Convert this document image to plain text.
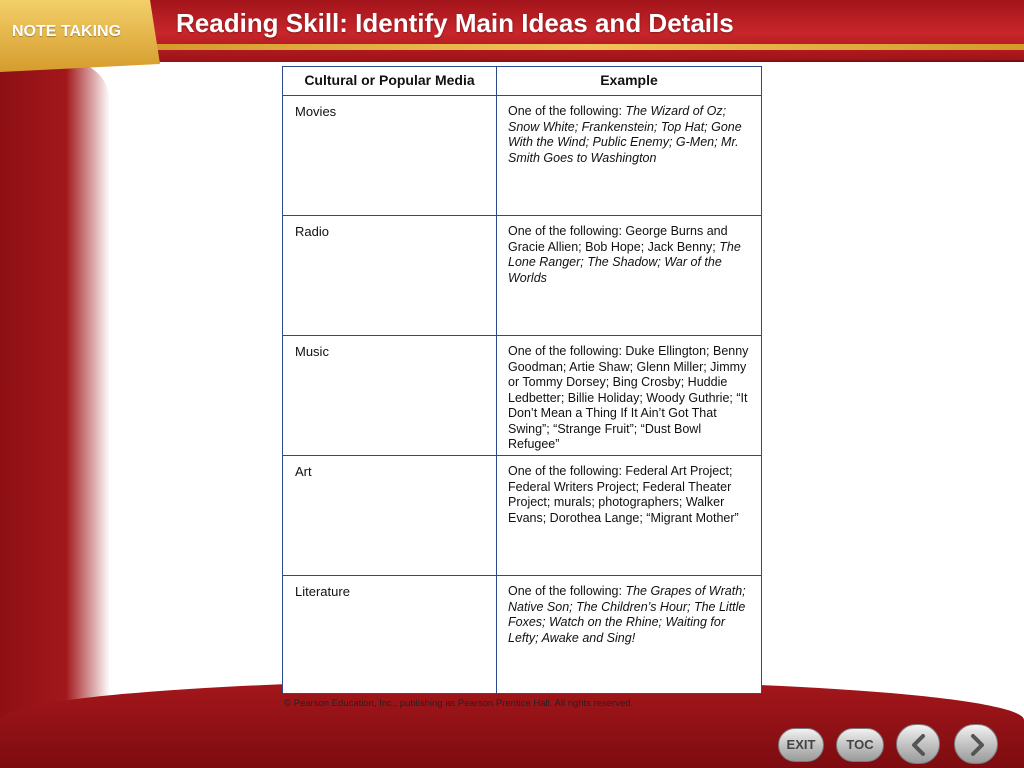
NOTE TAKING Reading Skill: Identify Main Ideas and Details
Cultural or Popular Media	Example
Movies	One of the following: The Wizard of Oz; Snow White; Frankenstein; Top Hat; Gone With the Wind; Public Enemy; G-Men; Mr. Smith Goes to Washington
Radio	One of the following: George Burns and Gracie Allien; Bob Hope; Jack Benny; The Lone Ranger; The Shadow; War of the Worlds
Music	One of the following: Duke Ellington; Benny Goodman; Artie Shaw; Glenn Miller; Jimmy or Tommy Dorsey; Bing Crosby; Huddie Ledbetter; Billie Holiday; Woody Guthrie; “It Don’t Mean a Thing If It Ain’t Got That Swing”; “Strange Fruit”; “Dust Bowl Refugee”
Art	One of the following: Federal Art Project; Federal Writers Project; Federal Theater Project; murals; photographers; Walker Evans; Dorothea Lange; “Migrant Mother”
Literature	One of the following: The Grapes of Wrath; Native Son; The Children’s Hour; The Little Foxes; Watch on the Rhine; Waiting for Lefty; Awake and Sing!
© Pearson Education, Inc., publishing as Pearson Prentice Hall. All rights reserved.
EXIT	TOC
